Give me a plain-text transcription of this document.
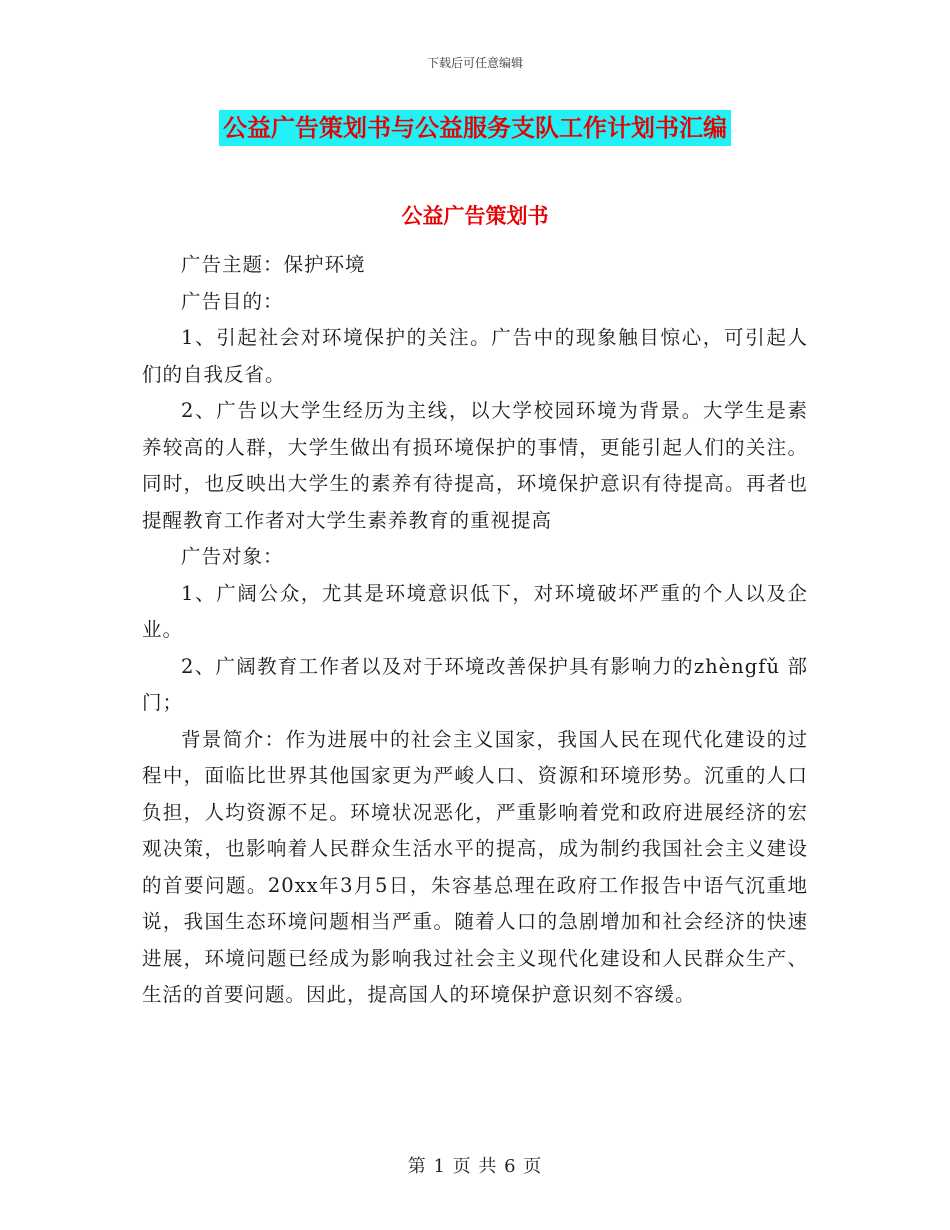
下载后可任意编辑
公益广告策划书与公益服务支队工作计划书汇编
公益广告策划书

广告主题：保护环境

广告目的：

1、引起社会对环境保护的关注。广告中的现象触目惊心，可引起人们的自我反省。

2、广告以大学生经历为主线，以大学校园环境为背景。大学生是素养较高的人群，大学生做出有损环境保护的事情，更能引起人们的关注。同时，也反映出大学生的素养有待提高，环境保护意识有待提高。再者也提醒教育工作者对大学生素养教育的重视提高

广告对象：

1、广阔公众，尤其是环境意识低下，对环境破坏严重的个人以及企业。

2、广阔教育工作者以及对于环境改善保护具有影响力的zhèngfǔ 部门；

背景简介：作为进展中的社会主义国家，我国人民在现代化建设的过程中，面临比世界其他国家更为严峻人口、资源和环境形势。沉重的人口负担，人均资源不足。环境状况恶化，严重影响着党和政府进展经济的宏观决策，也影响着人民群众生活水平的提高，成为制约我国社会主义建设的首要问题。20xx年3月5日，朱容基总理在政府工作报告中语气沉重地说，我国生态环境问题相当严重。随着人口的急剧增加和社会经济的快速进展，环境问题已经成为影响我过社会主义现代化建设和人民群众生产、生活的首要问题。因此，提高国人的环境保护意识刻不容缓。

第 1 页 共 6 页
